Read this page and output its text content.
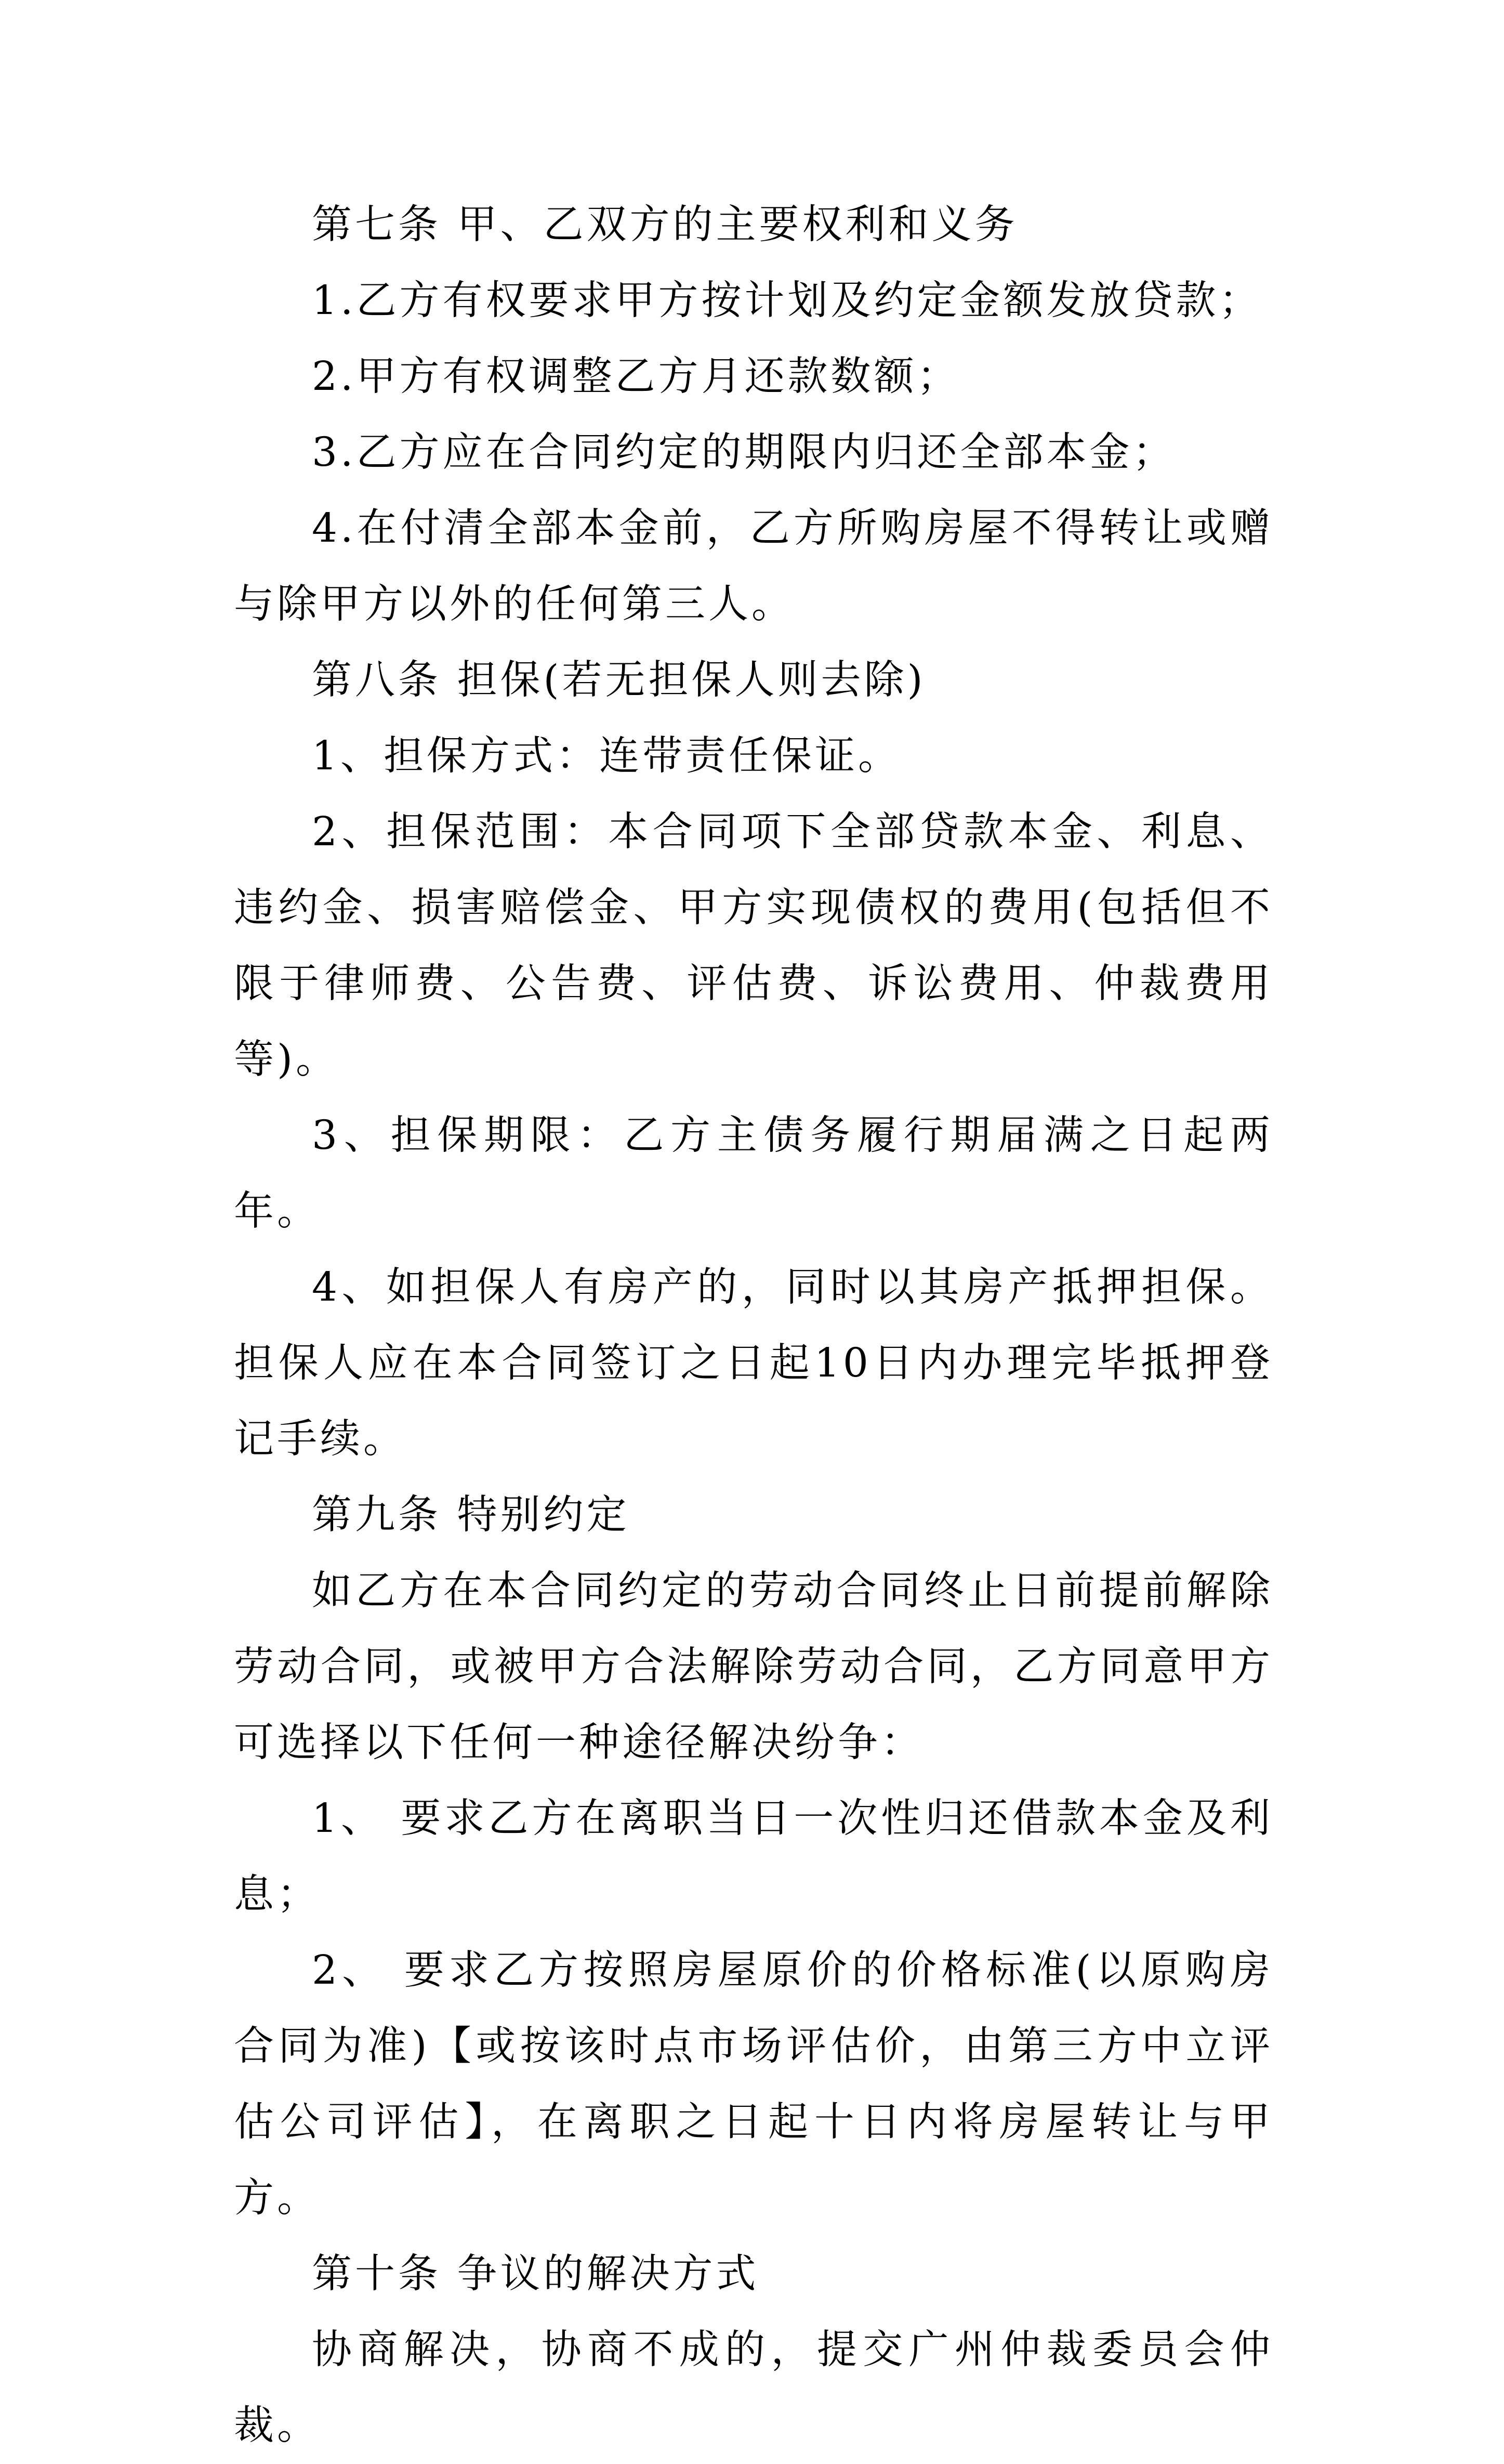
第七条 甲、乙双方的主要权利和义务

1.乙方有权要求甲方按计划及约定金额发放贷款；

2.甲方有权调整乙方月还款数额；

3.乙方应在合同约定的期限内归还全部本金；

4.在付清全部本金前，乙方所购房屋不得转让或赠与除甲方以外的任何第三人。

第八条 担保(若无担保人则去除)

1、担保方式：连带责任保证。

2、担保范围：本合同项下全部贷款本金、利息、违约金、损害赔偿金、甲方实现债权的费用(包括但不限于律师费、公告费、评估费、诉讼费用、仲裁费用等)。

3、担保期限：乙方主债务履行期届满之日起两年。

4、如担保人有房产的，同时以其房产抵押担保。担保人应在本合同签订之日起10日内办理完毕抵押登记手续。

第九条 特别约定

如乙方在本合同约定的劳动合同终止日前提前解除劳动合同，或被甲方合法解除劳动合同，乙方同意甲方可选择以下任何一种途径解决纷争：

1、 要求乙方在离职当日一次性归还借款本金及利息；

2、 要求乙方按照房屋原价的价格标准(以原购房合同为准)【或按该时点市场评估价，由第三方中立评估公司评估】，在离职之日起十日内将房屋转让与甲方。

第十条 争议的解决方式

协商解决，协商不成的，提交广州仲裁委员会仲裁。
